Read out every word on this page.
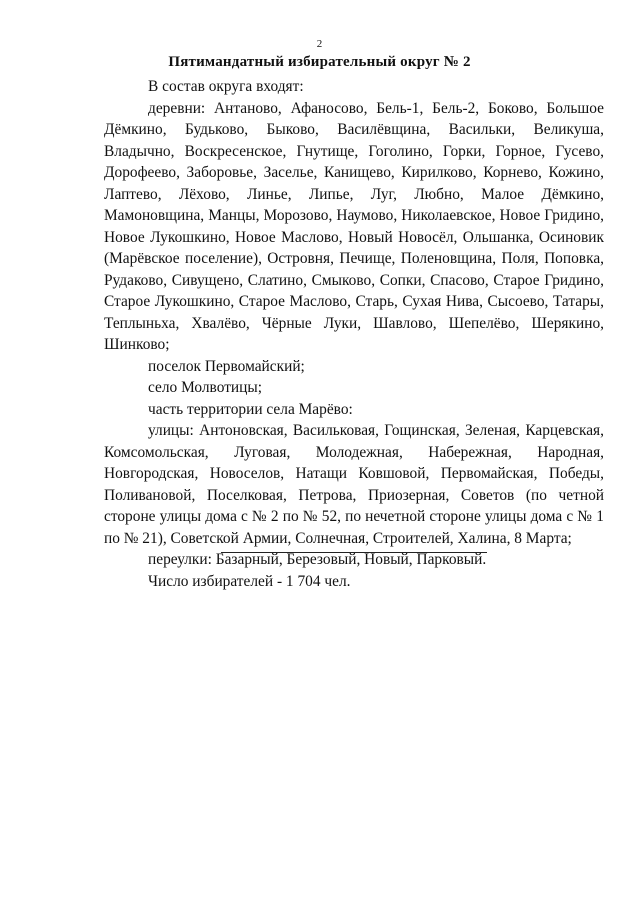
2
Пятимандатный избирательный округ № 2

В состав округа входят:

деревни: Антаново, Афаносово, Бель-1, Бель-2, Боково, Большое Дёмкино, Будьково, Быково, Василёвщина, Васильки, Великуша, Владычно, Воскресенское, Гнутище, Гоголино, Горки, Горное, Гусево, Дорофеево, Заборовье, Заселье, Канищево, Кирилково, Корнево, Кожино, Лаптево, Лёхово, Линье, Липье, Луг, Любно, Малое Дёмкино, Мамоновщина, Манцы, Морозово, Наумово, Николаевское, Новое Гридино, Новое Лукошкино, Новое Маслово, Новый Новосёл, Ольшанка, Осиновик (Марёвское поселение), Островня, Печище, Поленовщина, Поля, Поповка, Рудаково, Сивущено, Слатино, Смыково, Сопки, Спасово, Старое Гридино, Старое Лукошкино, Старое Маслово, Старь, Сухая Нива, Сысоево, Татары, Теплыньха, Хвалёво, Чёрные Луки, Шавлово, Шепелёво, Шерякино, Шинково;

поселок Первомайский;

село Молвотицы;

часть территории села Марёво:

улицы: Антоновская, Васильковая, Гощинская, Зеленая, Карцевская, Комсомольская, Луговая, Молодежная, Набережная, Народная, Новгородская, Новоселов, Натащи Ковшовой, Первомайская, Победы, Поливановой, Поселковая, Петрова, Приозерная, Советов (по четной стороне улицы дома с № 2 по № 52, по нечетной стороне улицы дома с № 1 по № 21), Советской Армии, Солнечная, Строителей, Халина, 8 Марта;

переулки: Базарный, Березовый, Новый, Парковый.

Число избирателей - 1 704 чел.
